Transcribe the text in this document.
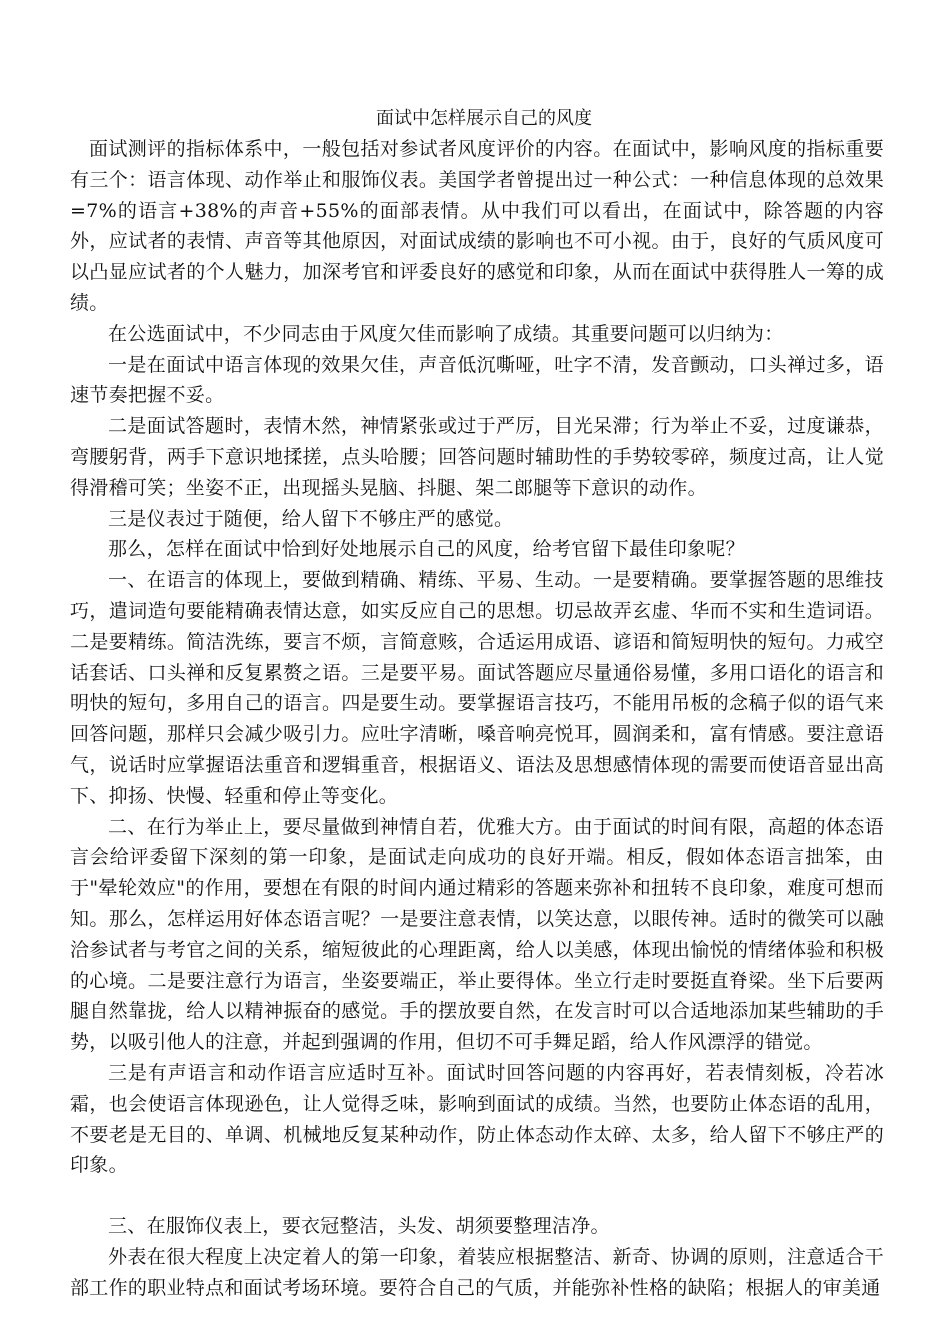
面试中怎样展示自己的风度

面试测评的指标体系中，一般包括对参试者风度评价的内容。在面试中，影响风度的指标重要有三个：语言体现、动作举止和服饰仪表。美国学者曾提出过一种公式：一种信息体现的总效果=7%的语言+38%的声音+55%的面部表情。从中我们可以看出，在面试中，除答题的内容外，应试者的表情、声音等其他原因，对面试成绩的影响也不可小视。由于，良好的气质风度可以凸显应试者的个人魅力，加深考官和评委良好的感觉和印象，从而在面试中获得胜人一筹的成绩。

在公选面试中，不少同志由于风度欠佳而影响了成绩。其重要问题可以归纳为：

一是在面试中语言体现的效果欠佳，声音低沉嘶哑，吐字不清，发音颤动，口头禅过多，语速节奏把握不妥。

二是面试答题时，表情木然，神情紧张或过于严厉，目光呆滞；行为举止不妥，过度谦恭，弯腰躬背，两手下意识地揉搓，点头哈腰；回答问题时辅助性的手势较零碎，频度过高，让人觉得滑稽可笑；坐姿不正，出现摇头晃脑、抖腿、架二郎腿等下意识的动作。

三是仪表过于随便，给人留下不够庄严的感觉。

那么，怎样在面试中恰到好处地展示自己的风度，给考官留下最佳印象呢？

一、在语言的体现上，要做到精确、精练、平易、生动。一是要精确。要掌握答题的思维技巧，遣词造句要能精确表情达意，如实反应自己的思想。切忌故弄玄虚、华而不实和生造词语。二是要精练。简洁洗练，要言不烦，言简意赅，合适运用成语、谚语和简短明快的短句。力戒空话套话、口头禅和反复累赘之语。三是要平易。面试答题应尽量通俗易懂，多用口语化的语言和明快的短句，多用自己的语言。四是要生动。要掌握语言技巧，不能用吊板的念稿子似的语气来回答问题，那样只会减少吸引力。应吐字清晰，嗓音响亮悦耳，圆润柔和，富有情感。要注意语气，说话时应掌握语法重音和逻辑重音，根据语义、语法及思想感情体现的需要而使语音显出高下、抑扬、快慢、轻重和停止等变化。

二、在行为举止上，要尽量做到神情自若，优雅大方。由于面试的时间有限，高超的体态语言会给评委留下深刻的第一印象，是面试走向成功的良好开端。相反，假如体态语言拙笨，由于"晕轮效应"的作用，要想在有限的时间内通过精彩的答题来弥补和扭转不良印象，难度可想而知。那么，怎样运用好体态语言呢？一是要注意表情，以笑达意，以眼传神。适时的微笑可以融洽参试者与考官之间的关系，缩短彼此的心理距离，给人以美感，体现出愉悦的情绪体验和积极的心境。二是要注意行为语言，坐姿要端正，举止要得体。坐立行走时要挺直脊梁。坐下后要两腿自然靠拢，给人以精神振奋的感觉。手的摆放要自然，在发言时可以合适地添加某些辅助的手势，以吸引他人的注意，并起到强调的作用，但切不可手舞足蹈，给人作风漂浮的错觉。

三是有声语言和动作语言应适时互补。面试时回答问题的内容再好，若表情刻板，冷若冰霜，也会使语言体现逊色，让人觉得乏味，影响到面试的成绩。当然，也要防止体态语的乱用，不要老是无目的、单调、机械地反复某种动作，防止体态动作太碎、太多，给人留下不够庄严的印象。

三、在服饰仪表上，要衣冠整洁，头发、胡须要整理洁净。

外表在很大程度上决定着人的第一印象，着装应根据整洁、新奇、协调的原则，注意适合干部工作的职业特点和面试考场环境。要符合自己的气质，并能弥补性格的缺陷；根据人的审美通
